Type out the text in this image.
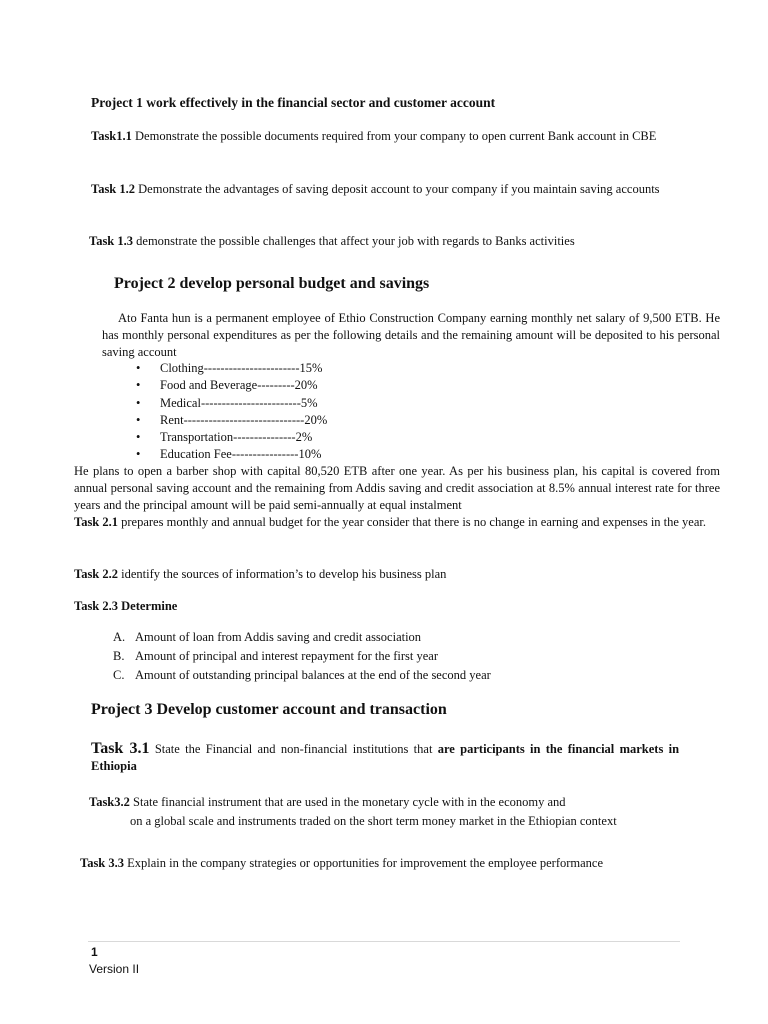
Project 1 work effectively in the financial sector and customer account
Task1.1 Demonstrate the possible documents required from your company to open current Bank account in CBE
Task 1.2 Demonstrate the advantages of saving deposit account to your company if you maintain saving accounts
Task 1.3 demonstrate the possible challenges that affect your job with regards to Banks activities
Project 2 develop personal budget and savings
Ato Fanta hun is a permanent employee of Ethio Construction Company earning monthly net salary of 9,500 ETB. He has monthly personal expenditures as per the following details and the remaining amount will be deposited to his personal saving account
• Clothing-----------------------15%
• Food and Beverage---------20%
• Medical------------------------5%
• Rent-----------------------------20%
• Transportation---------------2%
• Education Fee----------------10%
He plans to open a barber shop with capital 80,520 ETB after one year. As per his business plan, his capital is covered from annual personal saving account and the remaining from Addis saving and credit association at 8.5% annual interest rate for three years and the principal amount will be paid semi-annually at equal instalment
Task 2.1 prepares monthly and annual budget for the year consider that there is no change in earning and expenses in the year.
Task 2.2 identify the sources of information’s to develop his business plan
Task 2.3 Determine
A. Amount of loan from Addis saving and credit association
B. Amount of principal and interest repayment for the first year
C. Amount of outstanding principal balances at the end of the second year
Project 3 Develop customer account and transaction
Task 3.1 State the Financial and non-financial institutions that are participants in the financial markets in Ethiopia
Task3.2 State financial instrument that are used in the monetary cycle with in the economy and
on a global scale and instruments traded on the short term money market in the Ethiopian context
Task 3.3 Explain in the company strategies or opportunities for improvement the employee performance
1
Version II
